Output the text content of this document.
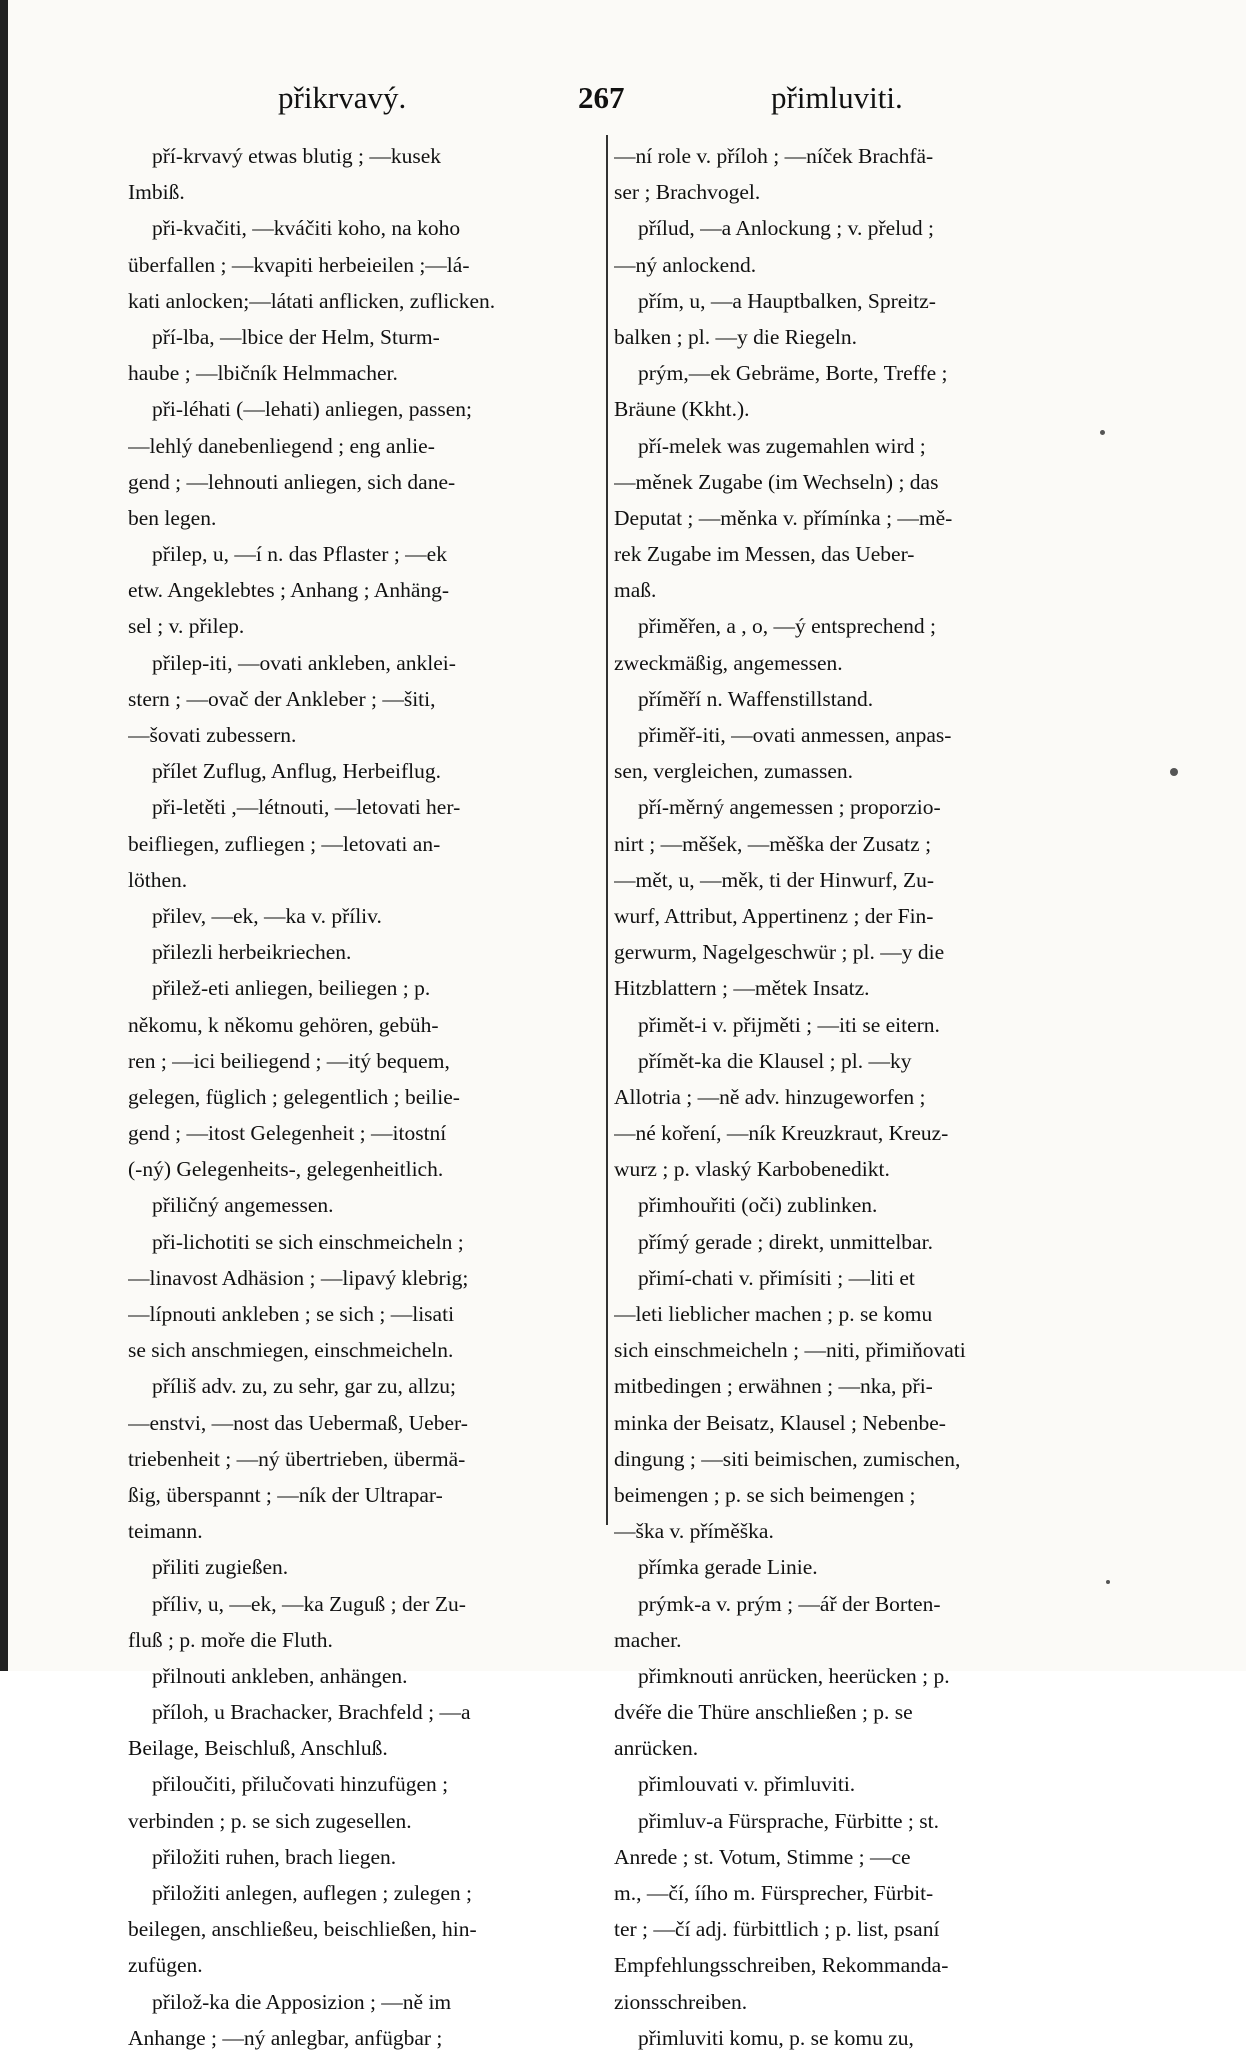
přikrvavý.	267	přimluviti.
pří-krvavý etwas blutig ; —kusek
Imbiß.
při-kvačiti, —kváčiti koho, na koho
überfallen ; —kvapiti herbeieilen ;—lá-
kati anlocken;—látati anflicken, zuflicken.
pří-lba, —lbice der Helm, Sturm-
haube ; —lbičník Helmmacher.
při-léhati (—lehati) anliegen, passen;
—lehlý danebenliegend ; eng anlie-
gend ; —lehnouti anliegen, sich dane-
ben legen.
přilep, u, —í n. das Pflaster ; —ek
etw. Angeklebtes ; Anhang ; Anhäng-
sel ; v. přilep.
přilep-iti, —ovati ankleben, anklei-
stern ; —ovač der Ankleber ; —šiti,
—šovati zubessern.
přílet Zuflug, Anflug, Herbeiflug.
při-letěti ,—létnouti, —letovati her-
beifliegen, zufliegen ; —letovati an-
löthen.
přilev, —ek, —ka v. příliv.
přilezli herbeikriechen.
přilež-eti anliegen, beiliegen ; p.
někomu, k někomu gehören, gebüh-
ren ; —ici beiliegend ; —itý bequem,
gelegen, füglich ; gelegentlich ; beilie-
gend ; —itost Gelegenheit ; —itostní
(-ný) Gelegenheits-, gelegenheitlich.
přiličný angemessen.
při-lichotiti se sich einschmeicheln ;
—linavost Adhäsion ; —lipavý klebrig;
—lípnouti ankleben ; se sich ; —lisati
se sich anschmiegen, einschmeicheln.
příliš adv. zu, zu sehr, gar zu, allzu;
—enstvi, —nost das Uebermaß, Ueber-
triebenheit ; —ný übertrieben, übermä-
ßig, überspannt ; —ník der Ultrapar-
teimann.
přiliti zugießen.
příliv, u, —ek, —ka Zuguß ; der Zu-
fluß ; p. moře die Fluth.
přilnouti ankleben, anhängen.
příloh, u Brachacker, Brachfeld ; —a
Beilage, Beischluß, Anschluß.
přiloučiti, přilučovati hinzufügen ;
verbinden ; p. se sich zugesellen.
přiložiti ruhen, brach liegen.
přiložiti anlegen, auflegen ; zulegen ;
beilegen, anschließeu, beischließen, hin-
zufügen.
přilož-ka die Apposizion ; —ně im
Anhange ; —ný anlegbar, anfügbar ;
—ní role v. příloh ; —níček Brachfä-
ser ; Brachvogel.
přílud, —a Anlockung ; v. přelud ;
—ný anlockend.
přím, u, —a Hauptbalken, Spreitz-
balken ; pl. —y die Riegeln.
prým,—ek Gebräme, Borte, Treffe ;
Bräune (Kkht.).
pří-melek was zugemahlen wird ;
—měnek Zugabe (im Wechseln) ; das
Deputat ; —měnka v. přímínka ; —mě-
rek Zugabe im Messen, das Ueber-
maß.
přiměřen, a , o, —ý entsprechend ;
zweckmäßig, angemessen.
příměří n. Waffenstillstand.
přiměř-iti, —ovati anmessen, anpas-
sen, vergleichen, zumassen.
pří-měrný angemessen ; proporzio-
nirt ; —měšek, —měška der Zusatz ;
—mět, u, —měk, ti der Hinwurf, Zu-
wurf, Attribut, Appertinenz ; der Fin-
gerwurm, Nagelgeschwür ; pl. —y die
Hitzblattern ; —mětek Insatz.
přimět-i v. přijměti ; —iti se eitern.
přímět-ka die Klausel ; pl. —ky
Allotria ; —ně adv. hinzugeworfen ;
—né koření, —ník Kreuzkraut, Kreuz-
wurz ; p. vlaský Karbobenedikt.
přimhouřiti (oči) zublinken.
přímý gerade ; direkt, unmittelbar.
přimí-chati v. přimísiti ; —liti et
—leti lieblicher machen ; p. se komu
sich einschmeicheln ; —niti, přimiňovati
mitbedingen ; erwähnen ; —nka, při-
minka der Beisatz, Klausel ; Nebenbe-
dingung ; —siti beimischen, zumischen,
beimengen ; p. se sich beimengen ;
—ška v. příměška.
přímka gerade Linie.
prýmk-a v. prým ; —ář der Borten-
macher.
přimknouti anrücken, heerücken ; p.
dvéře die Thüre anschließen ; p. se
anrücken.
přimlouvati v. přimluviti.
přimluv-a Fürsprache, Fürbitte ; st.
Anrede ; st. Votum, Stimme ; —ce
m., —čí, íího m. Fürsprecher, Fürbit-
ter ; —čí adj. fürbittlich ; p. list, psaní
Empfehlungsschreiben, Rekommanda-
zionsschreiben.
přimluviti komu, p. se komu zu,
